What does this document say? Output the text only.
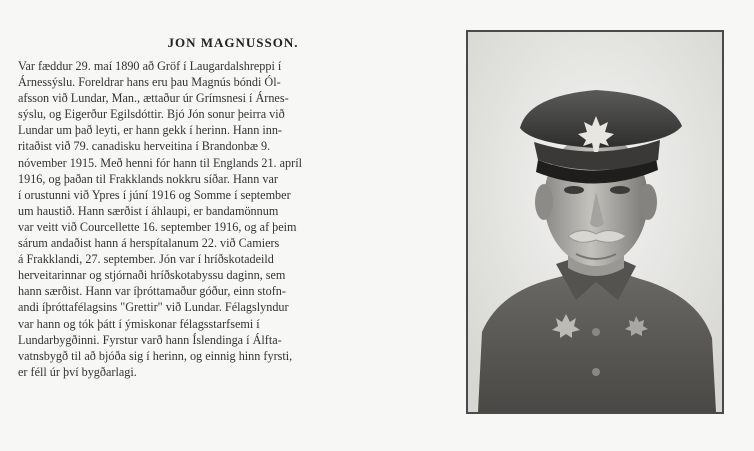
JON MAGNUSSON.
Var fæddur 29. maí 1890 að Gröf í Laugardalshreppi í
Árnessýslu. Foreldrar hans eru þau Magnús bóndi Ól-
afsson við Lundar, Man., ættaður úr Grímsnesi í Árnes-
sýslu, og Eigerður Egilsdóttir. Bjó Jón sonur þeirra við
Lundar um það leyti, er hann gekk í herinn. Hann inn-
ritaðist við 79. canadisku herveitina í Brandonbæ 9.
nóvember 1915. Með henni fór hann til Englands 21. apríl
1916, og þaðan til Frakklands nokkru síðar. Hann var
í orustunni við Ypres í júní 1916 og Somme í september
um haustið. Hann særðist í áhlaupi, er bandamönnum
var veitt við Courcellette 16. september 1916, og af þeim
sárum andaðist hann á herspítalanum 22. við Camiers
á Frakklandi, 27. september. Jón var í hríðskotadeild
herveitarinnar og stjórnaði hríðskotabyssu daginn, sem
hann særðist. Hann var íþróttamaður góður, einn stofn-
andi íþróttafélagsins "Grettir" við Lundar. Félagslyndur
var hann og tók þátt í ýmiskonar félagsstarfsemi í
Lundarbygðinni. Fyrstur varð hann Íslendinga í Álfta-
vatnsbygð til að bjóða sig í herinn, og einnig hinn fyrsti,
er féll úr því bygðarlagi.
